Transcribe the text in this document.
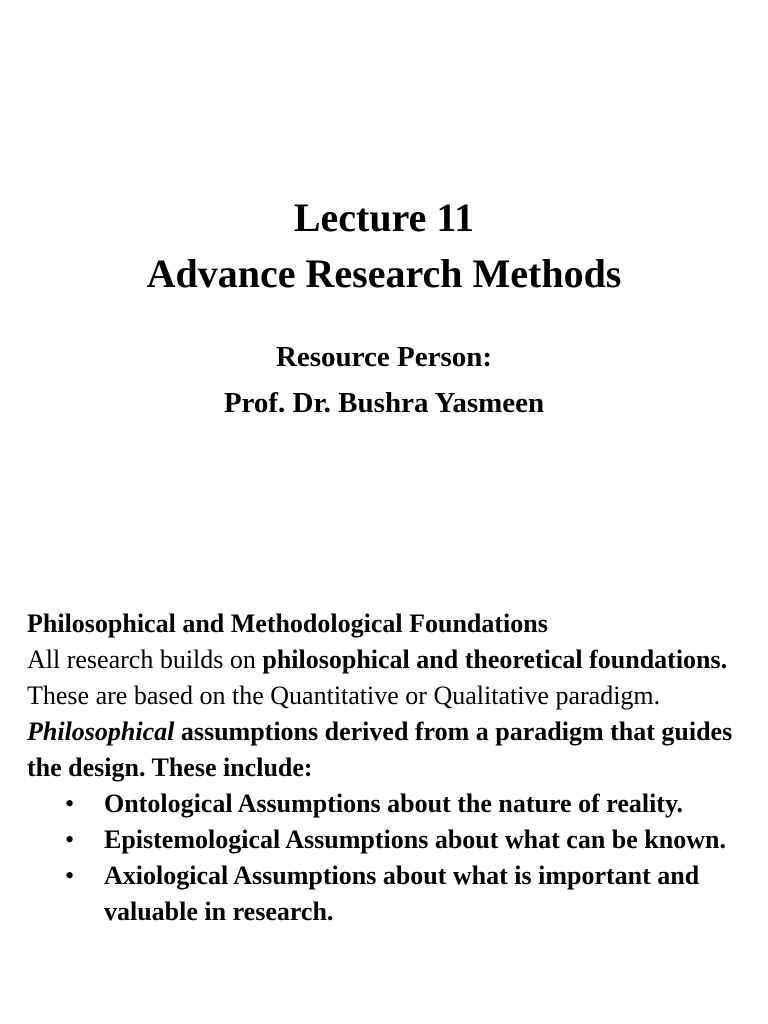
Lecture 11
Advance Research Methods
Resource Person:
Prof. Dr. Bushra Yasmeen

Philosophical and Methodological Foundations

All research builds on philosophical and theoretical foundations. These are based on the Quantitative or Qualitative paradigm.

Philosophical assumptions derived from a paradigm that guides the design. These include:

• Ontological Assumptions about the nature of reality.
• Epistemological Assumptions about what can be known.
• Axiological Assumptions about what is important and valuable in research.
